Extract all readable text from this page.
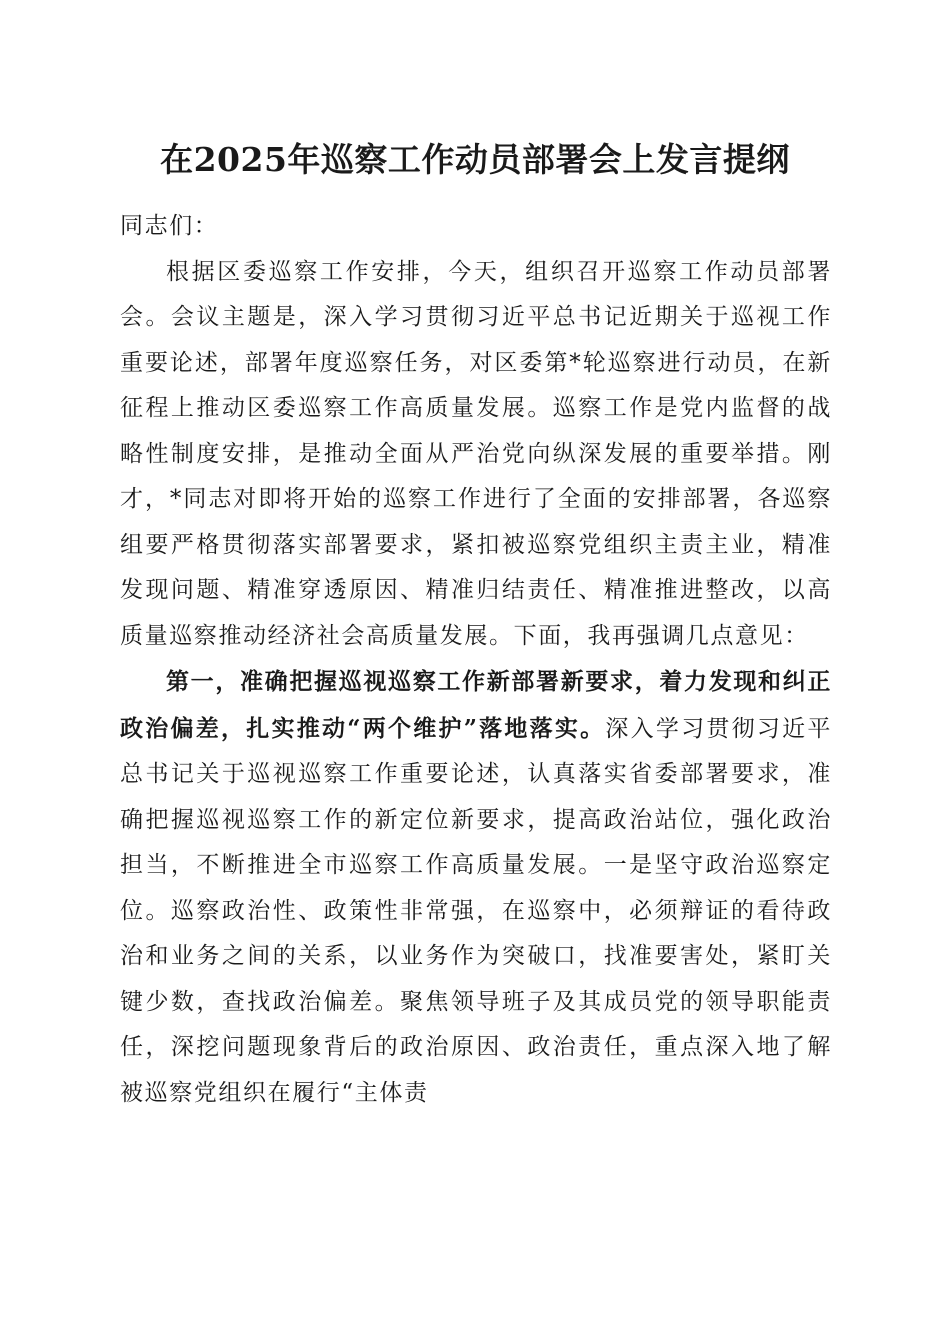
在2025年巡察工作动员部署会上发言提纲

同志们：

根据区委巡察工作安排，今天，组织召开巡察工作动员部署会。会议主题是，深入学习贯彻习近平总书记近期关于巡视工作重要论述，部署年度巡察任务，对区委第*轮巡察进行动员，在新征程上推动区委巡察工作高质量发展。巡察工作是党内监督的战略性制度安排，是推动全面从严治党向纵深发展的重要举措。刚才，*同志对即将开始的巡察工作进行了全面的安排部署，各巡察组要严格贯彻落实部署要求，紧扣被巡察党组织主责主业，精准发现问题、精准穿透原因、精准归结责任、精准推进整改，以高质量巡察推动经济社会高质量发展。下面，我再强调几点意见：

第一，准确把握巡视巡察工作新部署新要求，着力发现和纠正政治偏差，扎实推动“两个维护”落地落实。深入学习贯彻习近平总书记关于巡视巡察工作重要论述，认真落实省委部署要求，准确把握巡视巡察工作的新定位新要求，提高政治站位，强化政治担当，不断推进全市巡察工作高质量发展。一是坚守政治巡察定位。巡察政治性、政策性非常强，在巡察中，必须辩证的看待政治和业务之间的关系，以业务作为突破口，找准要害处，紧盯关键少数，查找政治偏差。聚焦领导班子及其成员党的领导职能责任，深挖问题现象背后的政治原因、政治责任，重点深入地了解被巡察党组织在履行“主体责
